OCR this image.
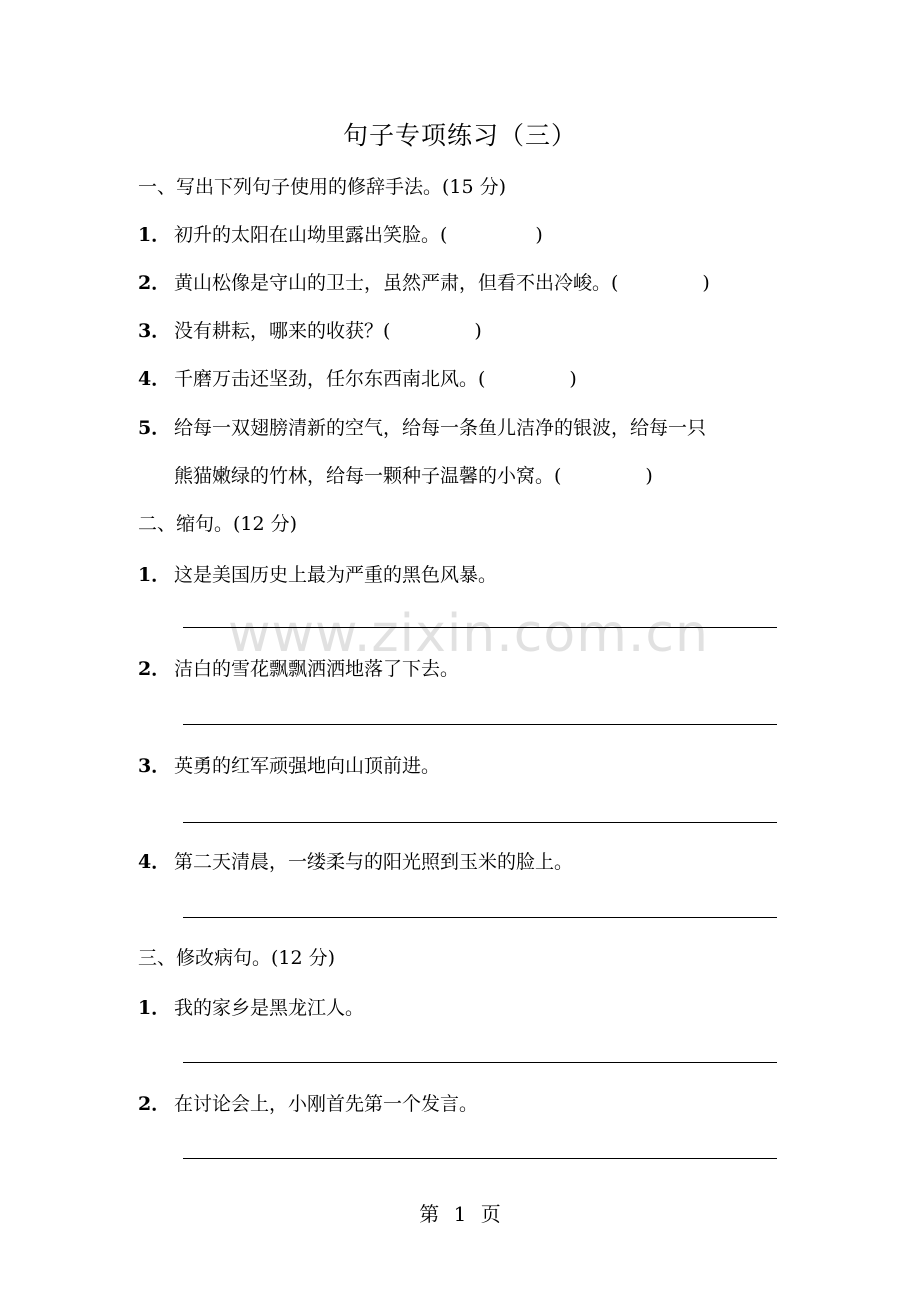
www.zixin.com.cn
句子专项练习（三）
一、写出下列句子使用的修辞手法。(15 分)
1． 初升的太阳在山坳里露出笑脸。(	)
2． 黄山松像是守山的卫士，虽然严肃，但看不出冷峻。(	)
3． 没有耕耘，哪来的收获？(	)
4． 千磨万击还坚劲，任尔东西南北风。(	)
5． 给每一双翅膀清新的空气，给每一条鱼儿洁净的银波，给每一只
熊猫嫩绿的竹林，给每一颗种子温馨的小窝。(	)
二、缩句。(12 分)
1． 这是美国历史上最为严重的黑色风暴。
2． 洁白的雪花飘飘洒洒地落了下去。
3． 英勇的红军顽强地向山顶前进。
4． 第二天清晨，一缕柔与的阳光照到玉米的脸上。
三、修改病句。(12 分)
1． 我的家乡是黑龙江人。
2． 在讨论会上，小刚首先第一个发言。
第 1 页
